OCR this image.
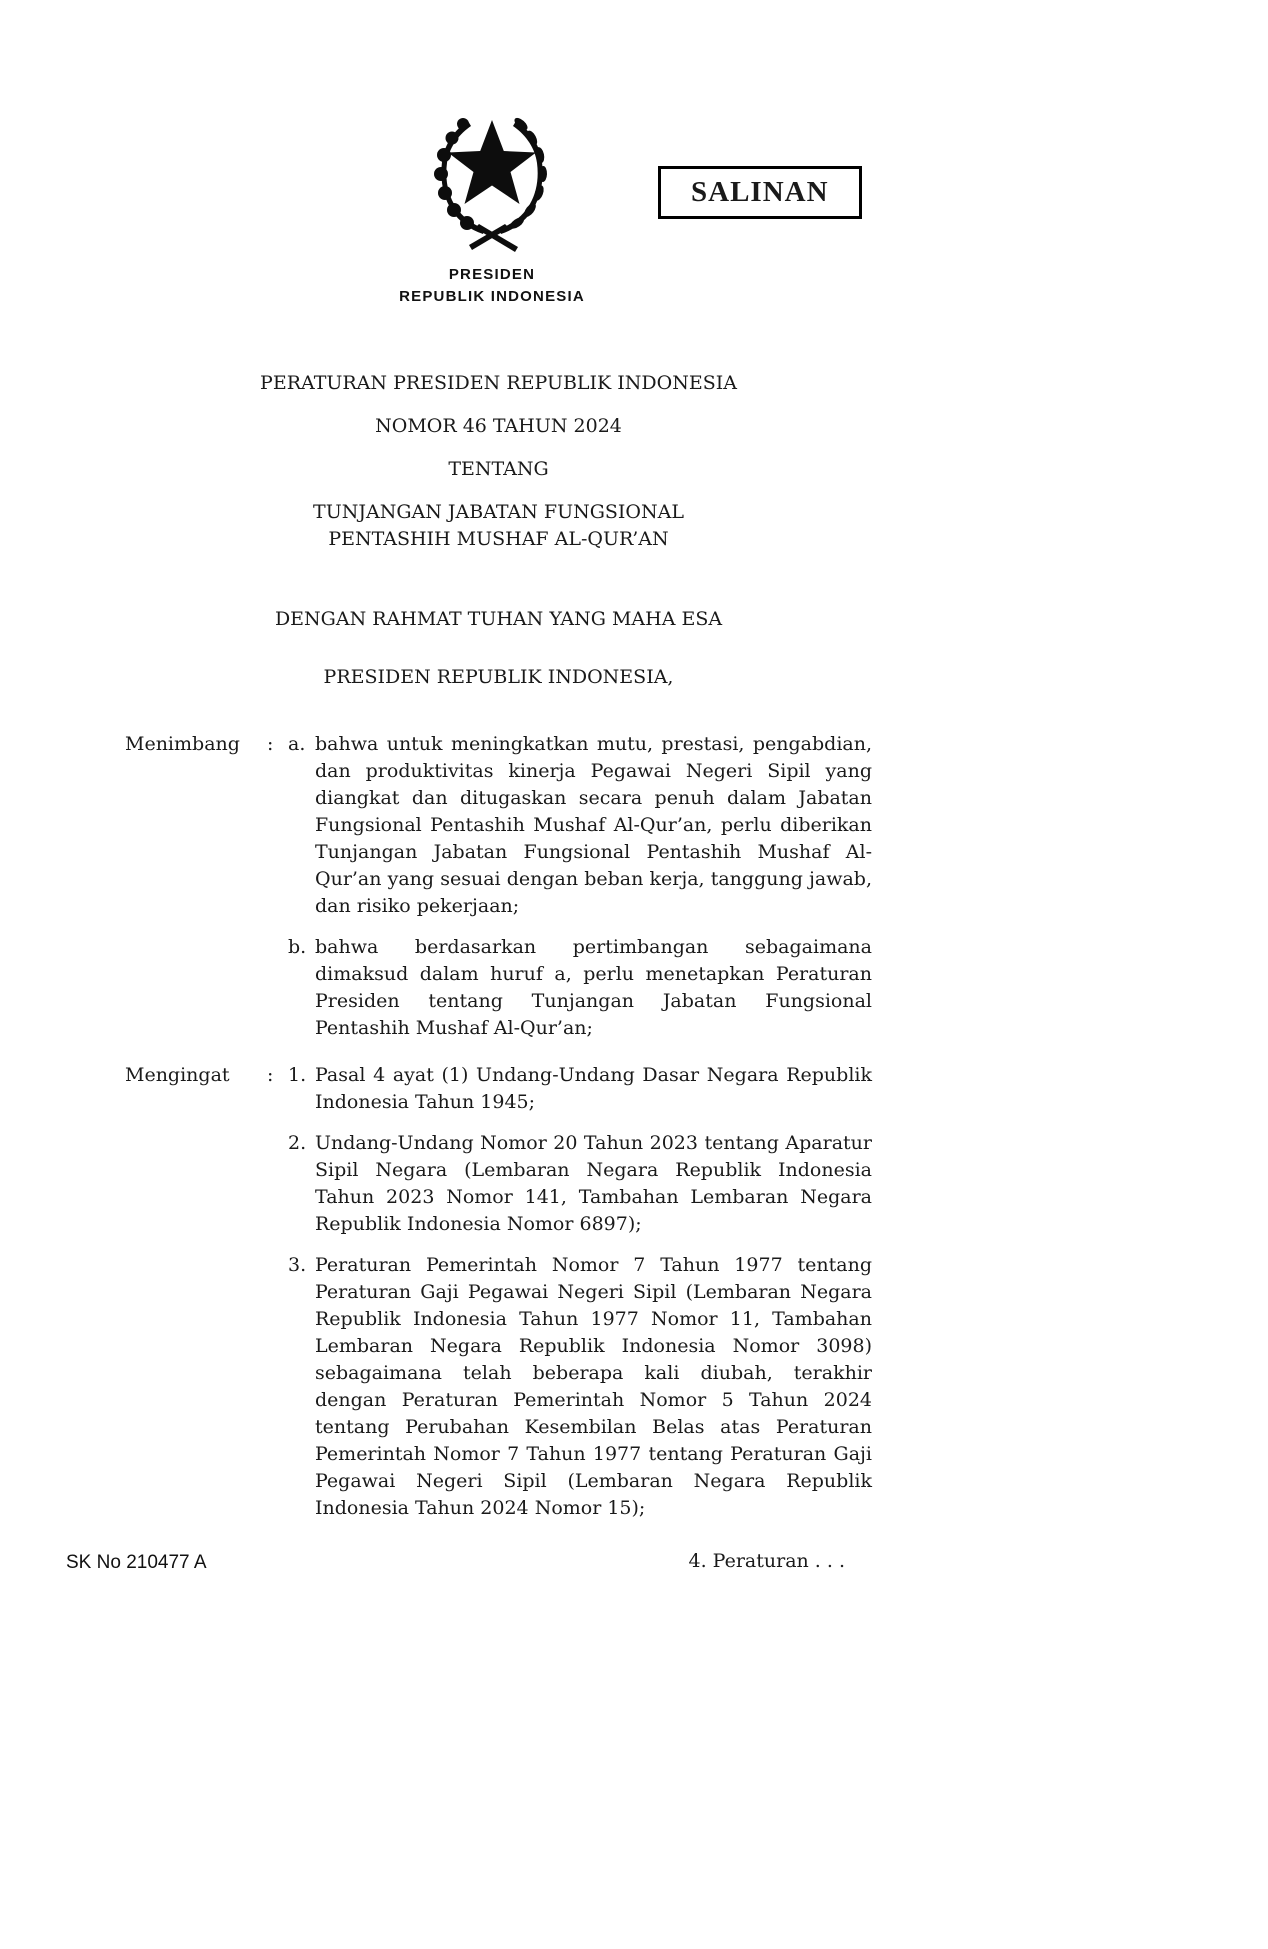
SALINAN
PRESIDEN
REPUBLIK INDONESIA
PERATURAN PRESIDEN REPUBLIK INDONESIA
NOMOR 46 TAHUN 2024
TENTANG
TUNJANGAN JABATAN FUNGSIONAL
PENTASHIH MUSHAF AL-QUR’AN
DENGAN RAHMAT TUHAN YANG MAHA ESA
PRESIDEN REPUBLIK INDONESIA,
Menimbang	: a. bahwa untuk meningkatkan mutu, prestasi, pengabdian, dan produktivitas kinerja Pegawai Negeri Sipil yang diangkat dan ditugaskan secara penuh dalam Jabatan Fungsional Pentashih Mushaf Al-Qur’an, perlu diberikan Tunjangan Jabatan Fungsional Pentashih Mushaf Al-Qur’an yang sesuai dengan beban kerja, tanggung jawab, dan risiko pekerjaan;
b. bahwa berdasarkan pertimbangan sebagaimana dimaksud dalam huruf a, perlu menetapkan Peraturan Presiden tentang Tunjangan Jabatan Fungsional Pentashih Mushaf Al-Qur’an;
Mengingat	: 1. Pasal 4 ayat (1) Undang-Undang Dasar Negara Republik Indonesia Tahun 1945;
2. Undang-Undang Nomor 20 Tahun 2023 tentang Aparatur Sipil Negara (Lembaran Negara Republik Indonesia Tahun 2023 Nomor 141, Tambahan Lembaran Negara Republik Indonesia Nomor 6897);
3. Peraturan Pemerintah Nomor 7 Tahun 1977 tentang Peraturan Gaji Pegawai Negeri Sipil (Lembaran Negara Republik Indonesia Tahun 1977 Nomor 11, Tambahan Lembaran Negara Republik Indonesia Nomor 3098) sebagaimana telah beberapa kali diubah, terakhir dengan Peraturan Pemerintah Nomor 5 Tahun 2024 tentang Perubahan Kesembilan Belas atas Peraturan Pemerintah Nomor 7 Tahun 1977 tentang Peraturan Gaji Pegawai Negeri Sipil (Lembaran Negara Republik Indonesia Tahun 2024 Nomor 15);
4. Peraturan . . .
SK No 210477 A
